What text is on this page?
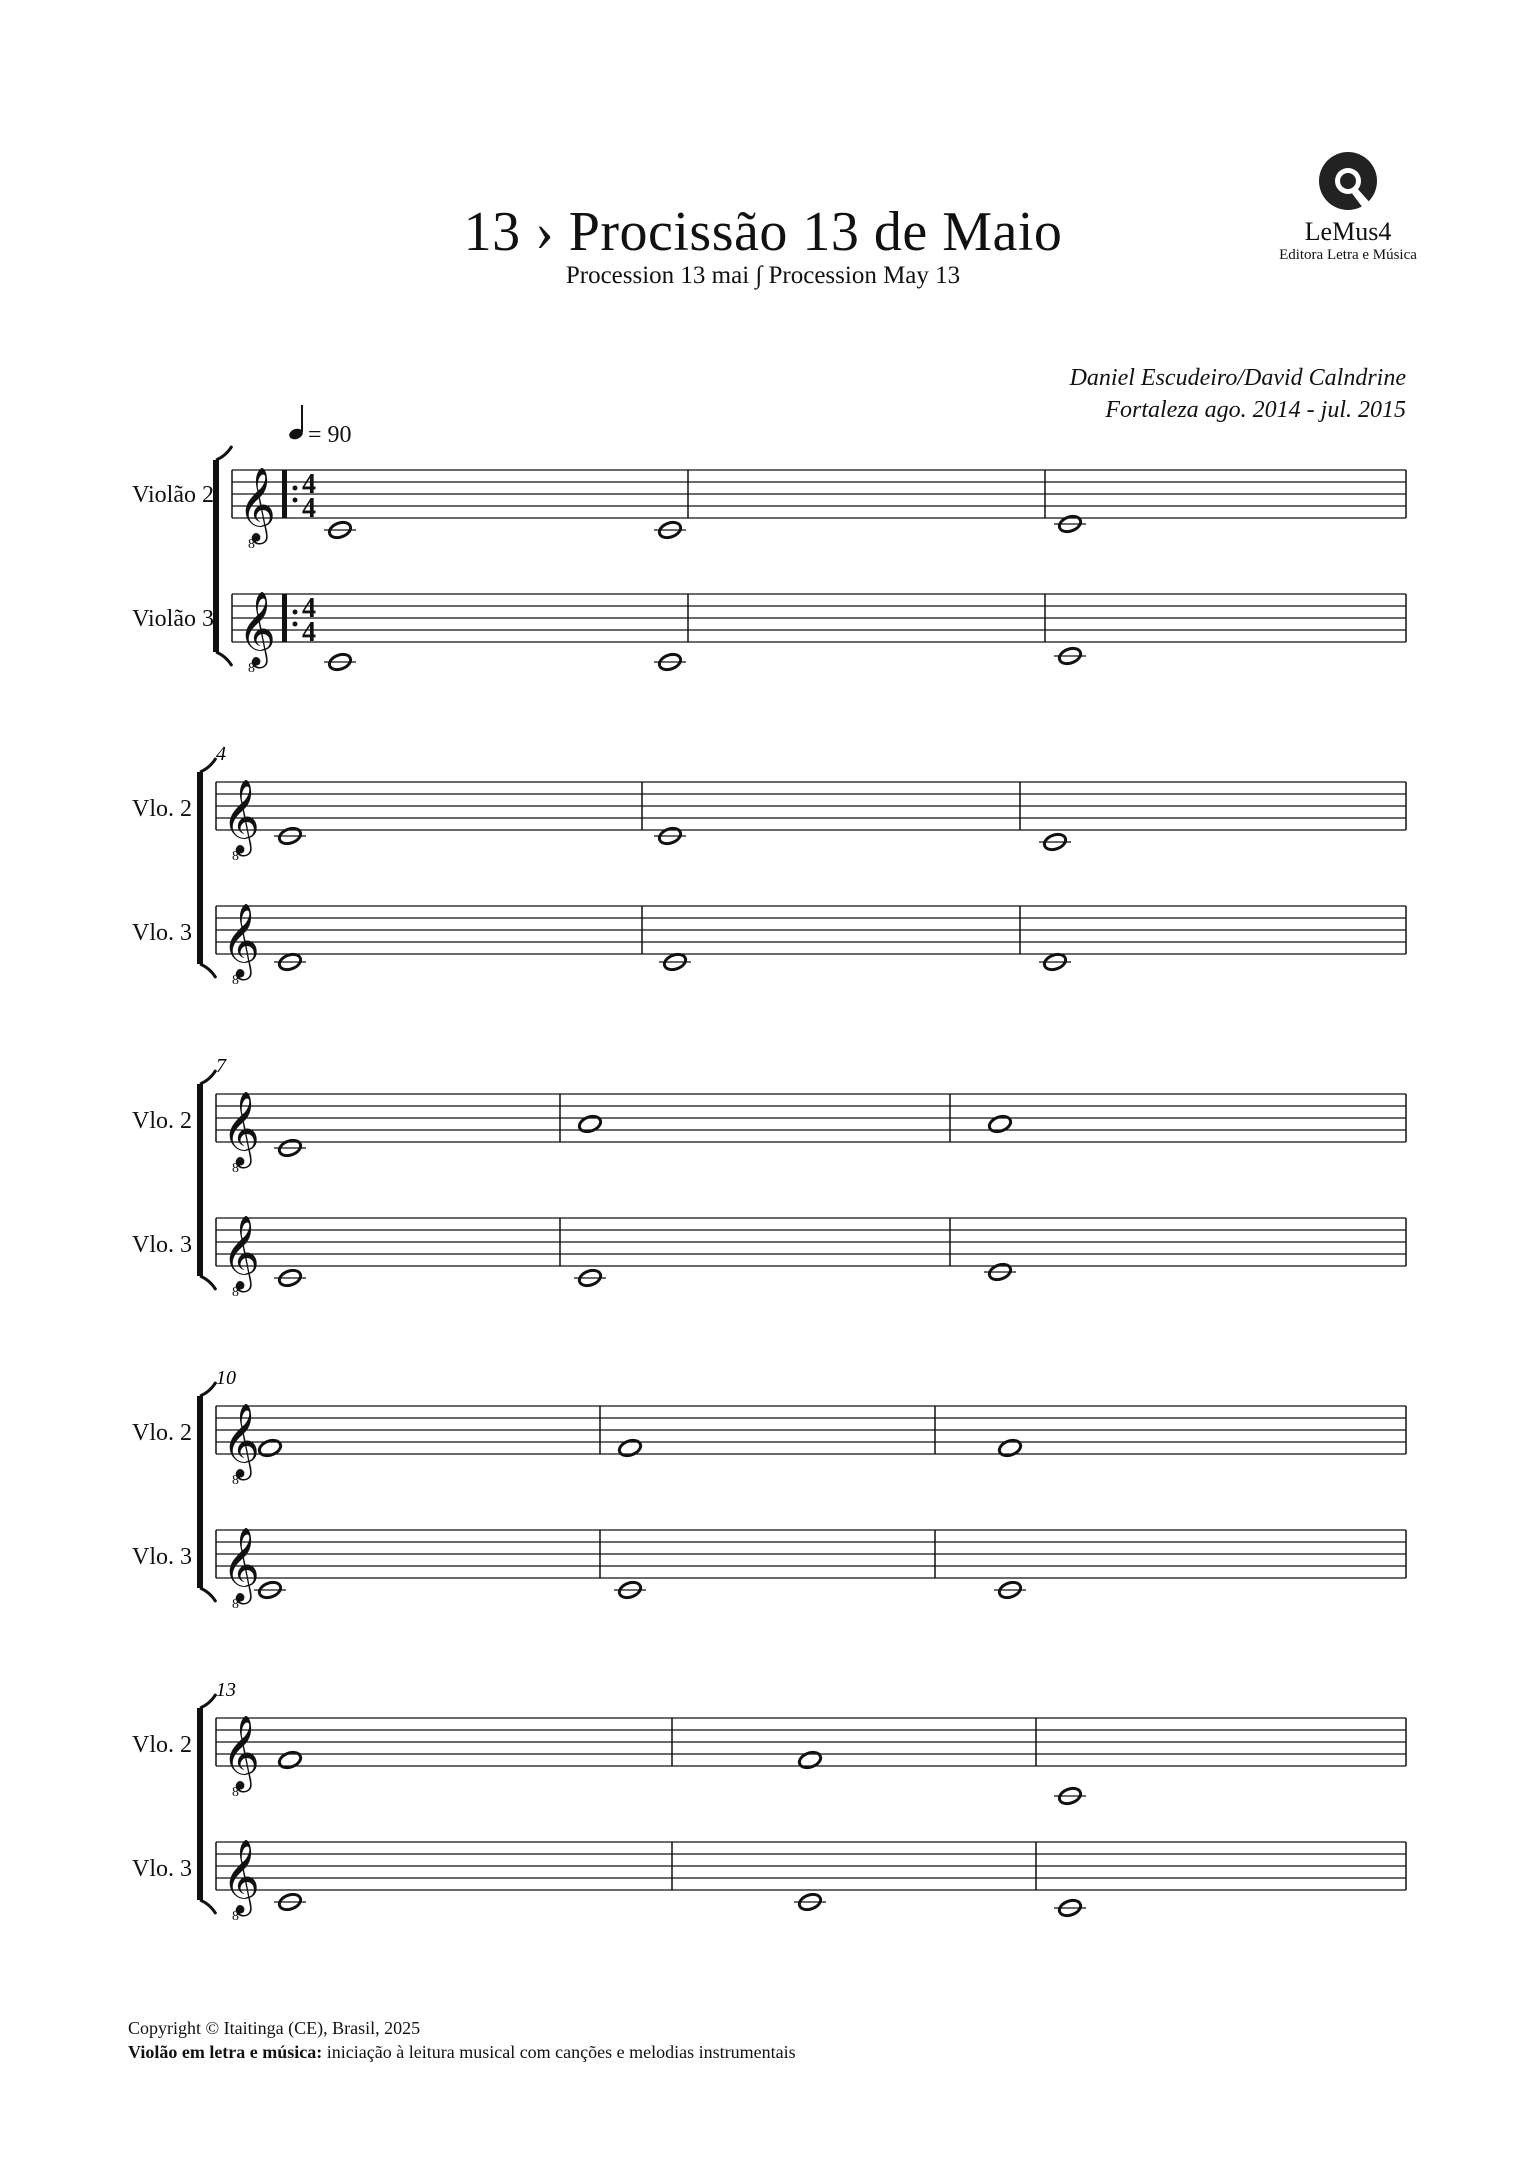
13 › Procissão 13 de Maio
Procession 13 mai ∫ Procession May 13
Daniel Escudeiro/David Calndrine
Fortaleza ago. 2014 - jul. 2015
LeMus4
Editora Letra e Música
Violão 2
Violão 3
Vlo. 2
Vlo. 3
Vlo. 2
Vlo. 3
Vlo. 2
Vlo. 3
Vlo. 2
Vlo. 3
= 90
4
7
10
13
𝄞
8
4
4
𝄞
8
4
4
𝄞
8
𝄞
8
𝄞
8
𝄞
8
𝄞
8
𝄞
8
𝄞
8
𝄞
8
Copyright © Itaitinga (CE), Brasil, 2025
Violão em letra e música: iniciação à leitura musical com canções e melodias instrumentais
